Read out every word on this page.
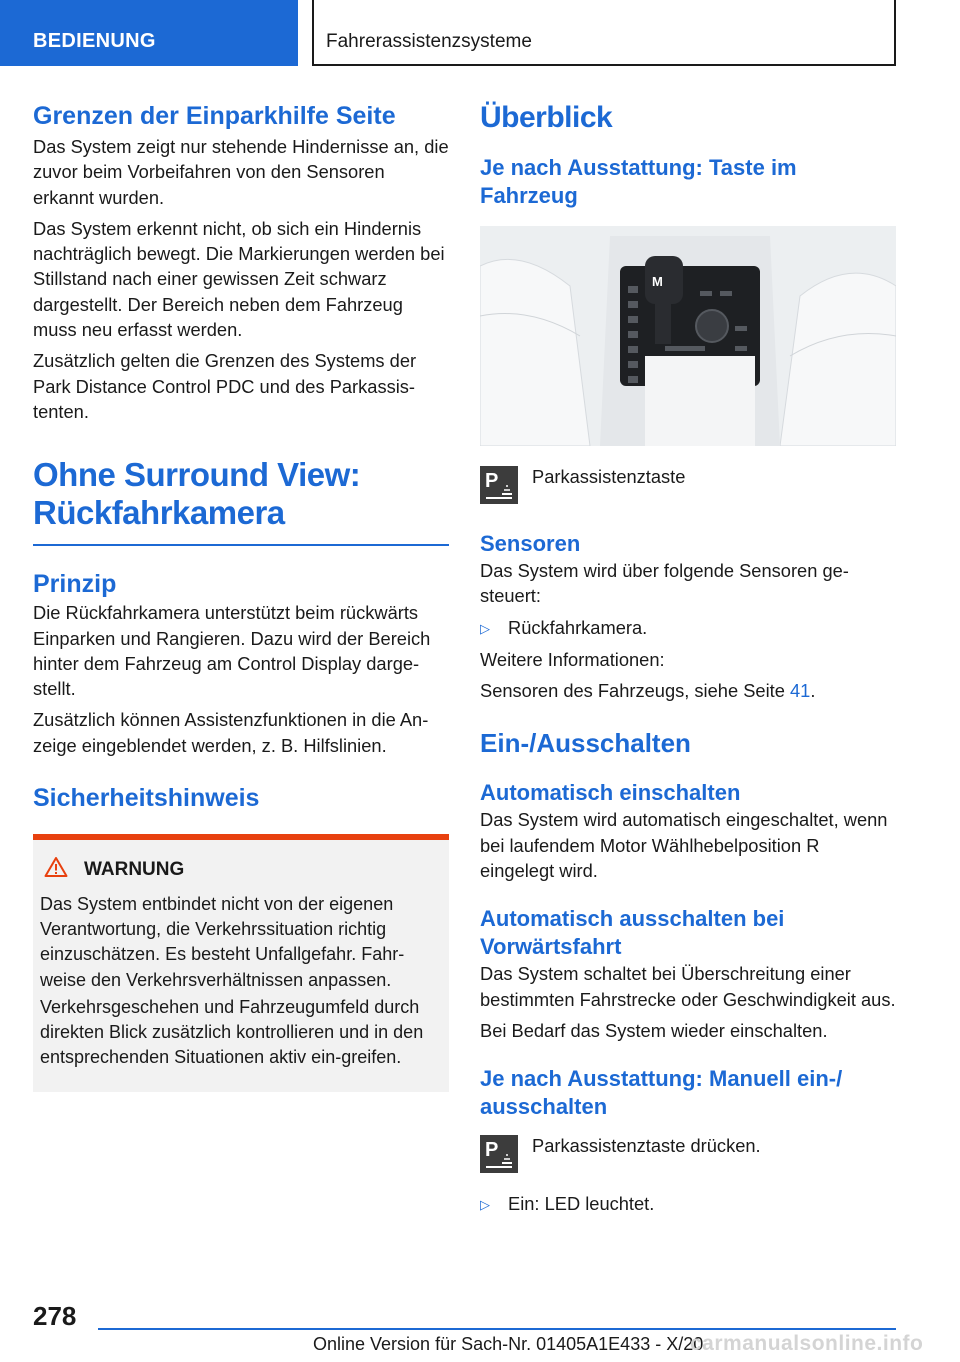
BEDIENUNG	Fahrerassistenzsysteme
Grenzen der Einparkhilfe Seite
Das System zeigt nur stehende Hindernisse an, die zuvor beim Vorbeifahren von den Sensoren erkannt wurden.
Das System erkennt nicht, ob sich ein Hindernis nachträglich bewegt. Die Markierungen werden bei Stillstand nach einer gewissen Zeit schwarz dargestellt. Der Bereich neben dem Fahrzeug muss neu erfasst werden.
Zusätzlich gelten die Grenzen des Systems der Park Distance Control PDC und des Parkassis‐tenten.
Ohne Surround View: Rückfahrkamera
Prinzip
Die Rückfahrkamera unterstützt beim rückwärts Einparken und Rangieren. Dazu wird der Bereich hinter dem Fahrzeug am Control Display darge‐stellt.
Zusätzlich können Assistenzfunktionen in die An‐zeige eingeblendet werden, z. B. Hilfslinien.
Sicherheitshinweis
WARNUNG
Das System entbindet nicht von der eigenen Verantwortung, die Verkehrssituation richtig einzuschätzen. Es besteht Unfallgefahr. Fahr‐weise den Verkehrsverhältnissen anpassen.
Verkehrsgeschehen und Fahrzeugumfeld durch direkten Blick zusätzlich kontrollieren und in den entsprechenden Situationen aktiv ein‐greifen.
Überblick
Je nach Ausstattung: Taste im Fahrzeug
M
P Parkassistenztaste
Sensoren
Das System wird über folgende Sensoren ge‐steuert:
▷ Rückfahrkamera.
Weitere Informationen:
Sensoren des Fahrzeugs, siehe Seite 41.
Ein-/Ausschalten
Automatisch einschalten
Das System wird automatisch eingeschaltet, wenn bei laufendem Motor Wählhebelposition R eingelegt wird.
Automatisch ausschalten bei Vorwärtsfahrt
Das System schaltet bei Überschreitung einer bestimmten Fahrstrecke oder Geschwindigkeit aus.
Bei Bedarf das System wieder einschalten.
Je nach Ausstattung: Manuell ein-/ ausschalten
P Parkassistenztaste drücken.
▷ Ein: LED leuchtet.
278
Online Version für Sach-Nr. 01405A1E433 - X/20
carmanualsonline.info
